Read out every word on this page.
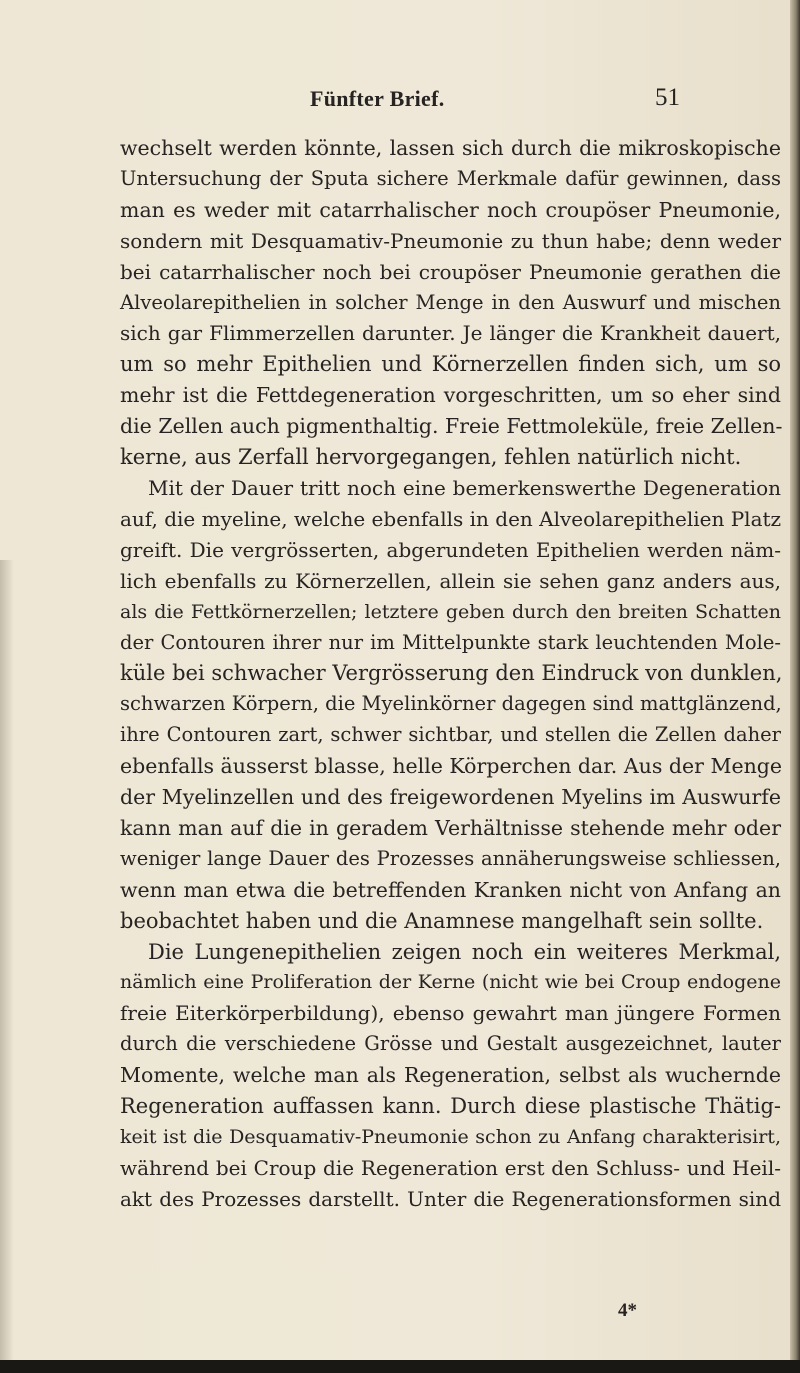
Fünfter Brief.	51
wechselt werden könnte, lassen sich durch die mikroskopische
Untersuchung der Sputa sichere Merkmale dafür gewinnen, dass
man es weder mit catarrhalischer noch croupöser Pneumonie,
sondern mit Desquamativ-Pneumonie zu thun habe; denn weder
bei catarrhalischer noch bei croupöser Pneumonie gerathen die
Alveolarepithelien in solcher Menge in den Auswurf und mischen
sich gar Flimmerzellen darunter. Je länger die Krankheit dauert,
um so mehr Epithelien und Körnerzellen finden sich, um so
mehr ist die Fettdegeneration vorgeschritten, um so eher sind
die Zellen auch pigmenthaltig. Freie Fettmoleküle, freie Zellen-
kerne, aus Zerfall hervorgegangen, fehlen natürlich nicht.
Mit der Dauer tritt noch eine bemerkenswerthe Degeneration
auf, die myeline, welche ebenfalls in den Alveolarepithelien Platz
greift. Die vergrösserten, abgerundeten Epithelien werden näm-
lich ebenfalls zu Körnerzellen, allein sie sehen ganz anders aus,
als die Fettkörnerzellen; letztere geben durch den breiten Schatten
der Contouren ihrer nur im Mittelpunkte stark leuchtenden Mole-
küle bei schwacher Vergrösserung den Eindruck von dunklen,
schwarzen Körpern, die Myelinkörner dagegen sind mattglänzend,
ihre Contouren zart, schwer sichtbar, und stellen die Zellen daher
ebenfalls äusserst blasse, helle Körperchen dar. Aus der Menge
der Myelinzellen und des freigewordenen Myelins im Auswurfe
kann man auf die in geradem Verhältnisse stehende mehr oder
weniger lange Dauer des Prozesses annäherungsweise schliessen,
wenn man etwa die betreffenden Kranken nicht von Anfang an
beobachtet haben und die Anamnese mangelhaft sein sollte.
Die Lungenepithelien zeigen noch ein weiteres Merkmal,
nämlich eine Proliferation der Kerne (nicht wie bei Croup endogene
freie Eiterkörperbildung), ebenso gewahrt man jüngere Formen
durch die verschiedene Grösse und Gestalt ausgezeichnet, lauter
Momente, welche man als Regeneration, selbst als wuchernde
Regeneration auffassen kann. Durch diese plastische Thätig-
keit ist die Desquamativ-Pneumonie schon zu Anfang charakterisirt,
während bei Croup die Regeneration erst den Schluss- und Heil-
akt des Prozesses darstellt. Unter die Regenerationsformen sind
4*
